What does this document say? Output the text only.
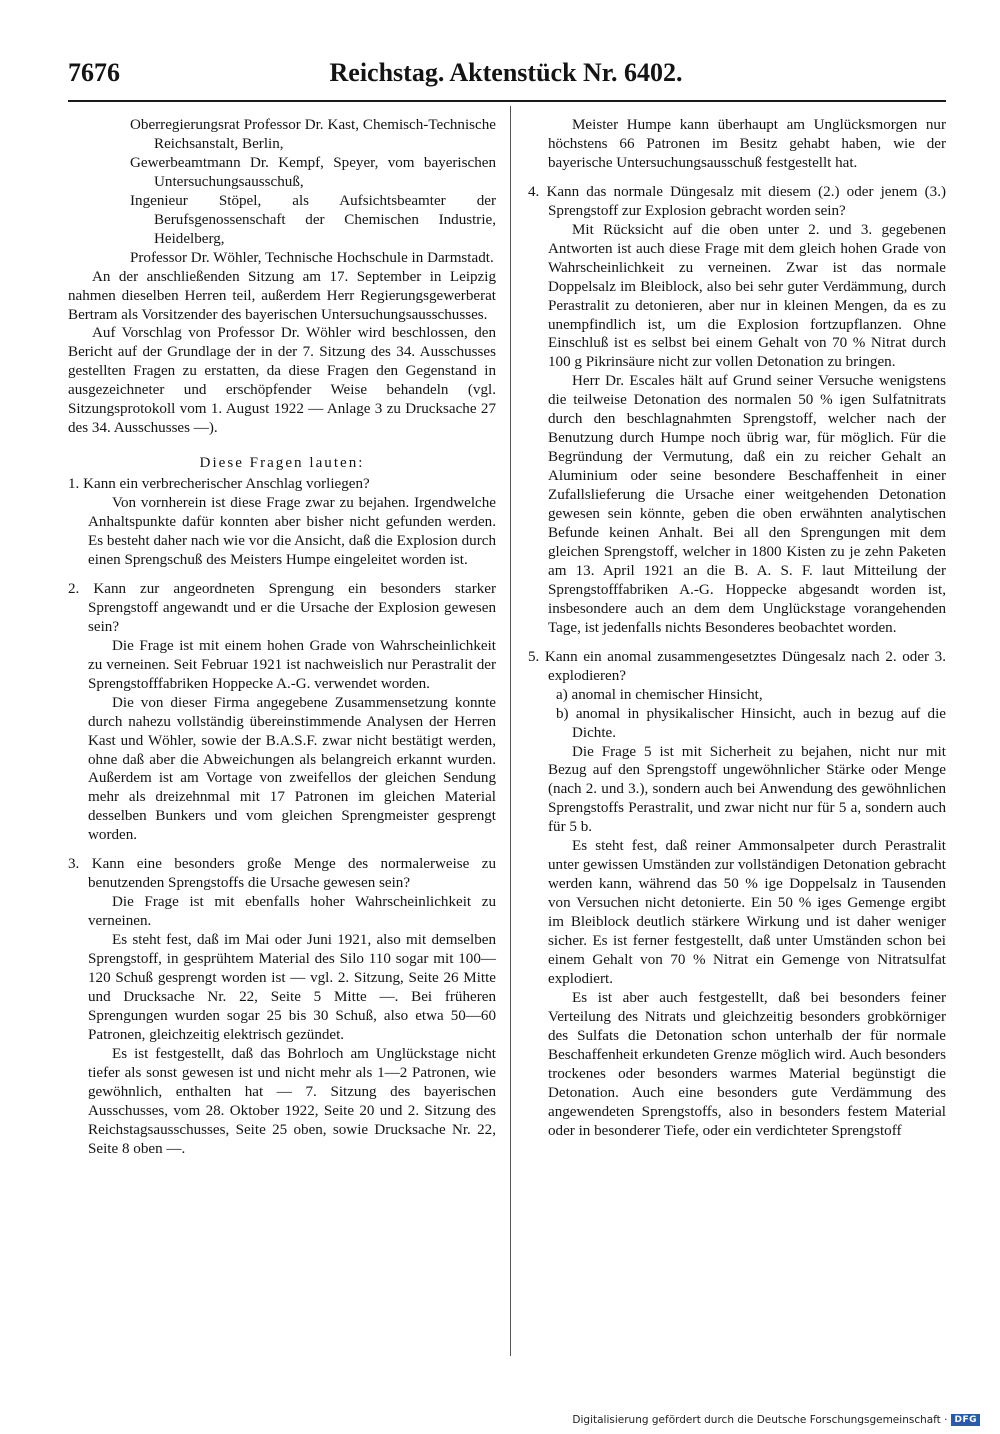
7676	Reichstag. Aktenstück Nr. 6402.

Oberregierungsrat Professor Dr. Kast, Chemisch-Technische Reichsanstalt, Berlin,

Gewerbeamtmann Dr. Kempf, Speyer, vom bayerischen Untersuchungsausschuß,

Ingenieur Stöpel, als Aufsichtsbeamter der Berufsgenossenschaft der Chemischen Industrie, Heidelberg,

Professor Dr. Wöhler, Technische Hochschule in Darmstadt.

An der anschließenden Sitzung am 17. September in Leipzig nahmen dieselben Herren teil, außerdem Herr Regierungsgewerberat Bertram als Vorsitzender des bayerischen Untersuchungsausschusses.

Auf Vorschlag von Professor Dr. Wöhler wird beschlossen, den Bericht auf der Grundlage der in der 7. Sitzung des 34. Ausschusses gestellten Fragen zu erstatten, da diese Fragen den Gegenstand in ausgezeichneter und erschöpfender Weise behandeln (vgl. Sitzungsprotokoll vom 1. August 1922 — Anlage 3 zu Drucksache 27 des 34. Ausschusses —).

Diese Fragen lauten:

1. Kann ein verbrecherischer Anschlag vorliegen?

Von vornherein ist diese Frage zwar zu bejahen. Irgendwelche Anhaltspunkte dafür konnten aber bisher nicht gefunden werden. Es besteht daher nach wie vor die Ansicht, daß die Explosion durch einen Sprengschuß des Meisters Humpe eingeleitet worden ist.

2. Kann zur angeordneten Sprengung ein besonders starker Sprengstoff angewandt und er die Ursache der Explosion gewesen sein?

Die Frage ist mit einem hohen Grade von Wahrscheinlichkeit zu verneinen. Seit Februar 1921 ist nachweislich nur Perastralit der Sprengstofffabriken Hoppecke A.-G. verwendet worden.

Die von dieser Firma angegebene Zusammensetzung konnte durch nahezu vollständig übereinstimmende Analysen der Herren Kast und Wöhler, sowie der B.A.S.F. zwar nicht bestätigt werden, ohne daß aber die Abweichungen als belangreich erkannt wurden. Außerdem ist am Vortage von zweifellos der gleichen Sendung mehr als dreizehnmal mit 17 Patronen im gleichen Material desselben Bunkers und vom gleichen Sprengmeister gesprengt worden.

3. Kann eine besonders große Menge des normalerweise zu benutzenden Sprengstoffs die Ursache gewesen sein?

Die Frage ist mit ebenfalls hoher Wahrscheinlichkeit zu verneinen.

Es steht fest, daß im Mai oder Juni 1921, also mit demselben Sprengstoff, in gesprühtem Material des Silo 110 sogar mit 100—120 Schuß gesprengt worden ist — vgl. 2. Sitzung, Seite 26 Mitte und Drucksache Nr. 22, Seite 5 Mitte —. Bei früheren Sprengungen wurden sogar 25 bis 30 Schuß, also etwa 50—60 Patronen, gleichzeitig elektrisch gezündet.

Es ist festgestellt, daß das Bohrloch am Unglückstage nicht tiefer als sonst gewesen ist und nicht mehr als 1—2 Patronen, wie gewöhnlich, enthalten hat — 7. Sitzung des bayerischen Ausschusses, vom 28. Oktober 1922, Seite 20 und 2. Sitzung des Reichstagsausschusses, Seite 25 oben, sowie Drucksache Nr. 22, Seite 8 oben —.

Meister Humpe kann überhaupt am Unglücksmorgen nur höchstens 66 Patronen im Besitz gehabt haben, wie der bayerische Untersuchungsausschuß festgestellt hat.

4. Kann das normale Düngesalz mit diesem (2.) oder jenem (3.) Sprengstoff zur Explosion gebracht worden sein?

Mit Rücksicht auf die oben unter 2. und 3. gegebenen Antworten ist auch diese Frage mit dem gleich hohen Grade von Wahrscheinlichkeit zu verneinen. Zwar ist das normale Doppelsalz im Bleiblock, also bei sehr guter Verdämmung, durch Perastralit zu detonieren, aber nur in kleinen Mengen, da es zu unempfindlich ist, um die Explosion fortzupflanzen. Ohne Einschluß ist es selbst bei einem Gehalt von 70 % Nitrat durch 100 g Pikrinsäure nicht zur vollen Detonation zu bringen.

Herr Dr. Escales hält auf Grund seiner Versuche wenigstens die teilweise Detonation des normalen 50 % igen Sulfatnitrats durch den beschlagnahmten Sprengstoff, welcher nach der Benutzung durch Humpe noch übrig war, für möglich. Für die Begründung der Vermutung, daß ein zu reicher Gehalt an Aluminium oder seine besondere Beschaffenheit in einer Zufallslieferung die Ursache einer weitgehenden Detonation gewesen sein könnte, geben die oben erwähnten analytischen Befunde keinen Anhalt. Bei all den Sprengungen mit dem gleichen Sprengstoff, welcher in 1800 Kisten zu je zehn Paketen am 13. April 1921 an die B. A. S. F. laut Mitteilung der Sprengstofffabriken A.-G. Hoppecke abgesandt worden ist, insbesondere auch an dem dem Unglückstage vorangehenden Tage, ist jedenfalls nichts Besonderes beobachtet worden.

5. Kann ein anomal zusammengesetztes Düngesalz nach 2. oder 3. explodieren?

a) anomal in chemischer Hinsicht,

b) anomal in physikalischer Hinsicht, auch in bezug auf die Dichte.

Die Frage 5 ist mit Sicherheit zu bejahen, nicht nur mit Bezug auf den Sprengstoff ungewöhnlicher Stärke oder Menge (nach 2. und 3.), sondern auch bei Anwendung des gewöhnlichen Sprengstoffs Perastralit, und zwar nicht nur für 5 a, sondern auch für 5 b.

Es steht fest, daß reiner Ammonsalpeter durch Perastralit unter gewissen Umständen zur vollständigen Detonation gebracht werden kann, während das 50 % ige Doppelsalz in Tausenden von Versuchen nicht detonierte. Ein 50 % iges Gemenge ergibt im Bleiblock deutlich stärkere Wirkung und ist daher weniger sicher. Es ist ferner festgestellt, daß unter Umständen schon bei einem Gehalt von 70 % Nitrat ein Gemenge von Nitratsulfat explodiert.

Es ist aber auch festgestellt, daß bei besonders feiner Verteilung des Nitrats und gleichzeitig besonders grobkörniger des Sulfats die Detonation schon unterhalb der für normale Beschaffenheit erkundeten Grenze möglich wird. Auch besonders trockenes oder besonders warmes Material begünstigt die Detonation. Auch eine besonders gute Verdämmung des angewendeten Sprengstoffs, also in besonders festem Material oder in besonderer Tiefe, oder ein verdichteter Sprengstoff

Digitalisierung gefördert durch die Deutsche Forschungsgemeinschaft · DFG
